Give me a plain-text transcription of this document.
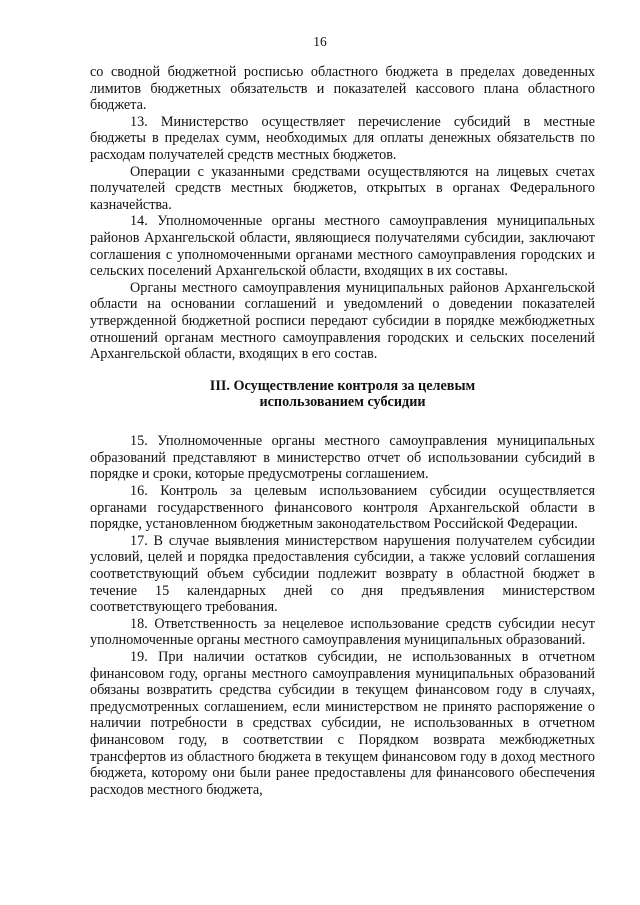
16

со сводной бюджетной росписью областного бюджета в пределах доведенных лимитов бюджетных обязательств и показателей кассового плана областного бюджета.

13. Министерство осуществляет перечисление субсидий в местные бюджеты в пределах сумм, необходимых для оплаты денежных обязательств по расходам получателей средств местных бюджетов.

Операции с указанными средствами осуществляются на лицевых счетах получателей средств местных бюджетов, открытых в органах Федерального казначейства.

14. Уполномоченные органы местного самоуправления муниципальных районов Архангельской области, являющиеся получателями субсидии, заключают соглашения с уполномоченными органами местного самоуправления городских и сельских поселений Архангельской области, входящих в их составы.

Органы местного самоуправления муниципальных районов Архангельской области на основании соглашений и уведомлений о доведении показателей утвержденной бюджетной росписи передают субсидии в порядке межбюджетных отношений органам местного самоуправления городских и сельских поселений Архангельской области, входящих в его состав.

III. Осуществление контроля за целевым
использованием субсидии

15. Уполномоченные органы местного самоуправления муниципальных образований представляют в министерство отчет об использовании субсидий в порядке и сроки, которые предусмотрены соглашением.

16. Контроль за целевым использованием субсидии осуществляется органами государственного финансового контроля Архангельской области в порядке, установленном бюджетным законодательством Российской Федерации.

17. В случае выявления министерством нарушения получателем субсидии условий, целей и порядка предоставления субсидии, а также условий соглашения соответствующий объем субсидии подлежит возврату в областной бюджет в течение 15 календарных дней со дня предъявления министерством соответствующего требования.

18. Ответственность за нецелевое использование средств субсидии несут уполномоченные органы местного самоуправления муниципальных образований.

19. При наличии остатков субсидии, не использованных в отчетном финансовом году, органы местного самоуправления муниципальных образований обязаны возвратить средства субсидии в текущем финансовом году в случаях, предусмотренных соглашением, если министерством не принято распоряжение о наличии потребности в средствах субсидии, не использованных в отчетном финансовом году, в соответствии с Порядком возврата межбюджетных трансфертов из областного бюджета в текущем финансовом году в доход местного бюджета, которому они были ранее предоставлены для финансового обеспечения расходов местного бюджета,
